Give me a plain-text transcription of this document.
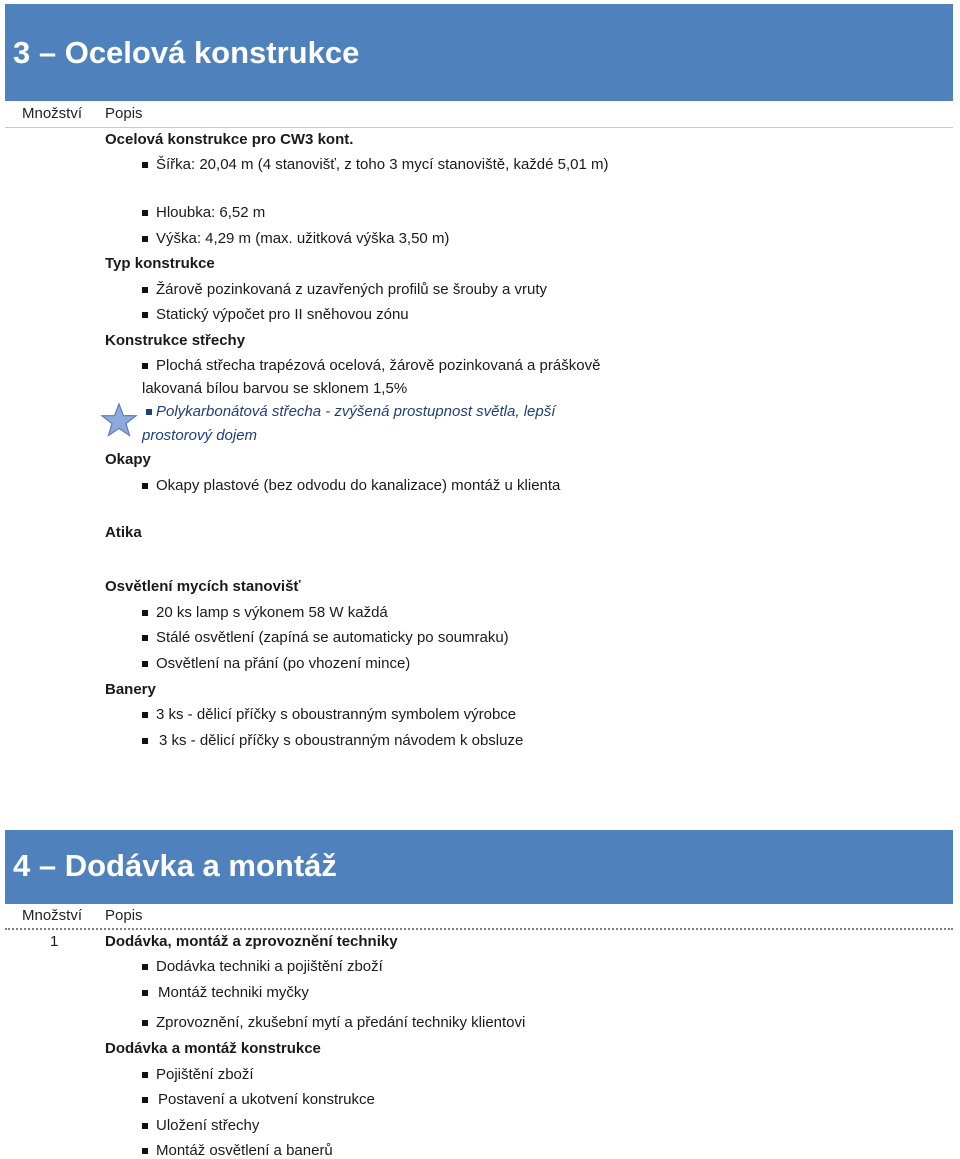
3 – Ocelová konstrukce
Množství Popis
Ocelová konstrukce pro CW3 kont.
Šířka: 20,04 m (4 stanovišť, z toho 3 mycí stanoviště, každé 5,01 m)
Hloubka: 6,52 m
Výška: 4,29 m (max. užitková výška 3,50 m)
Typ konstrukce
Žárově pozinkovaná z uzavřených profilů se šrouby a vruty
Statický výpočet pro II sněhovou zónu
Konstrukce střechy
Plochá střecha trapézová ocelová, žárově pozinkovaná a práškově
lakovaná bílou barvou se sklonem 1,5%
Polykarbonátová střecha - zvýšená prostupnost světla, lepší
prostorový dojem
Okapy
Okapy plastové (bez odvodu do kanalizace) montáž u klienta
Atika
Osvětlení mycích stanovišť
20 ks lamp s výkonem 58 W každá
Stálé osvětlení (zapíná se automaticky po soumraku)
Osvětlení na přání (po vhození mince)
Banery
3 ks - dělicí příčky s oboustranným symbolem výrobce
3 ks - dělicí příčky s oboustranným návodem k obsluze
4 – Dodávka a montáž
Množství Popis
1	Dodávka, montáž a zprovoznění techniky
Dodávka techniki a pojištění zboží
Montáž techniki myčky
Zprovoznění, zkušební mytí a předání techniky klientovi
Dodávka a montáž konstrukce
Pojištění zboží
Postavení a ukotvení konstrukce
Uložení střechy
Montáž osvětlení a banerů
